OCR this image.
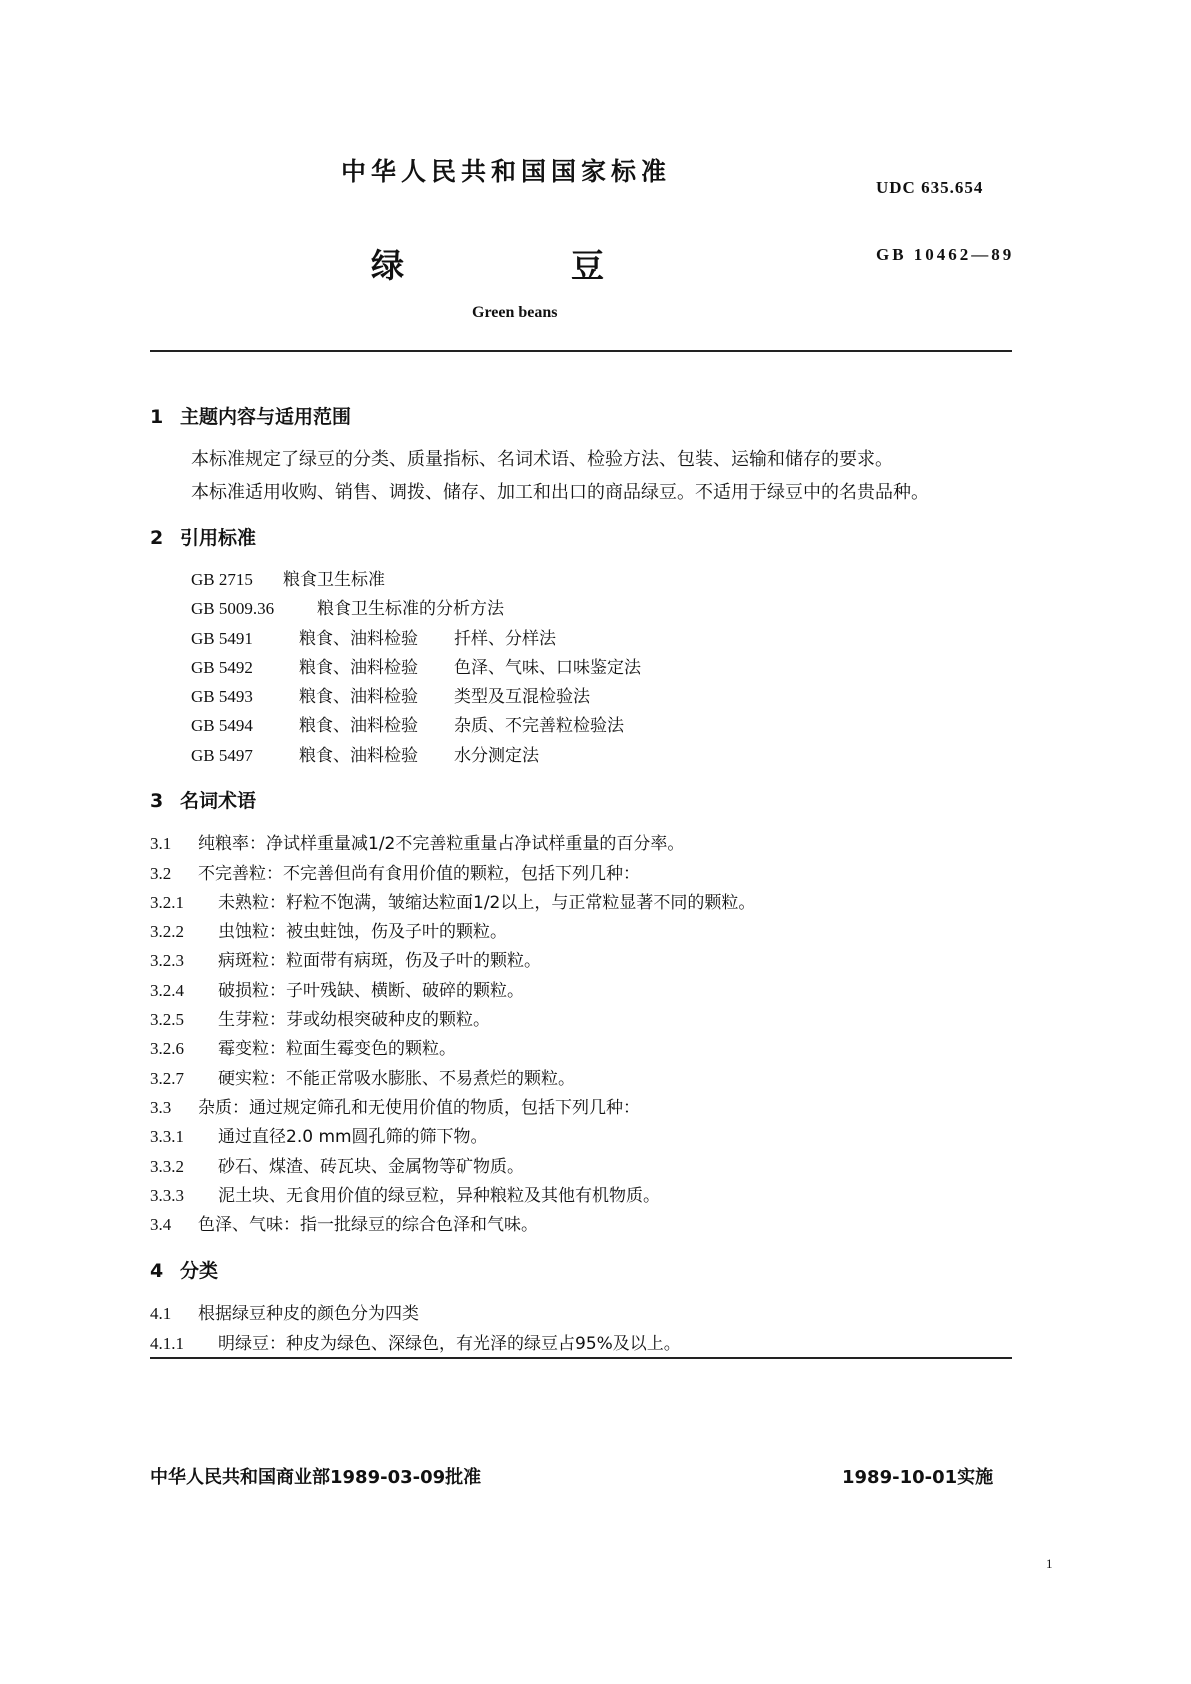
中华人民共和国国家标准
UDC 635.654
绿	豆	GB 10462—89
Green beans
1 主题内容与适用范围
本标准规定了绿豆的分类、质量指标、名词术语、检验方法、包装、运输和储存的要求。
本标准适用收购、销售、调拨、储存、加工和出口的商品绿豆。不适用于绿豆中的名贵品种。
2 引用标准
GB 2715 粮食卫生标准
GB 5009.36	粮食卫生标准的分析方法
GB 5491	粮食、油料检验 扦样、分样法
GB 5492	粮食、油料检验 色泽、气味、口味鉴定法
GB 5493	粮食、油料检验 类型及互混检验法
GB 5494	粮食、油料检验 杂质、不完善粒检验法
GB 5497	粮食、油料检验 水分测定法
3 名词术语
3.1 纯粮率：净试样重量减1/2不完善粒重量占净试样重量的百分率。
3.2 不完善粒：不完善但尚有食用价值的颗粒，包括下列几种：
3.2.1 未熟粒：籽粒不饱满，皱缩达粒面1/2以上，与正常粒显著不同的颗粒。
3.2.2 虫蚀粒：被虫蛀蚀，伤及子叶的颗粒。
3.2.3 病斑粒：粒面带有病斑，伤及子叶的颗粒。
3.2.4 破损粒：子叶残缺、横断、破碎的颗粒。
3.2.5 生芽粒：芽或幼根突破种皮的颗粒。
3.2.6 霉变粒：粒面生霉变色的颗粒。
3.2.7 硬实粒：不能正常吸水膨胀、不易煮烂的颗粒。
3.3 杂质：通过规定筛孔和无使用价值的物质，包括下列几种：
3.3.1 通过直径2.0 mm圆孔筛的筛下物。
3.3.2 砂石、煤渣、砖瓦块、金属物等矿物质。
3.3.3 泥土块、无食用价值的绿豆粒，异种粮粒及其他有机物质。
3.4 色泽、气味：指一批绿豆的综合色泽和气味。
4 分类
4.1 根据绿豆种皮的颜色分为四类
4.1.1 明绿豆：种皮为绿色、深绿色，有光泽的绿豆占95%及以上。
中华人民共和国商业部1989-03-09批准	1989-10-01实施
1
